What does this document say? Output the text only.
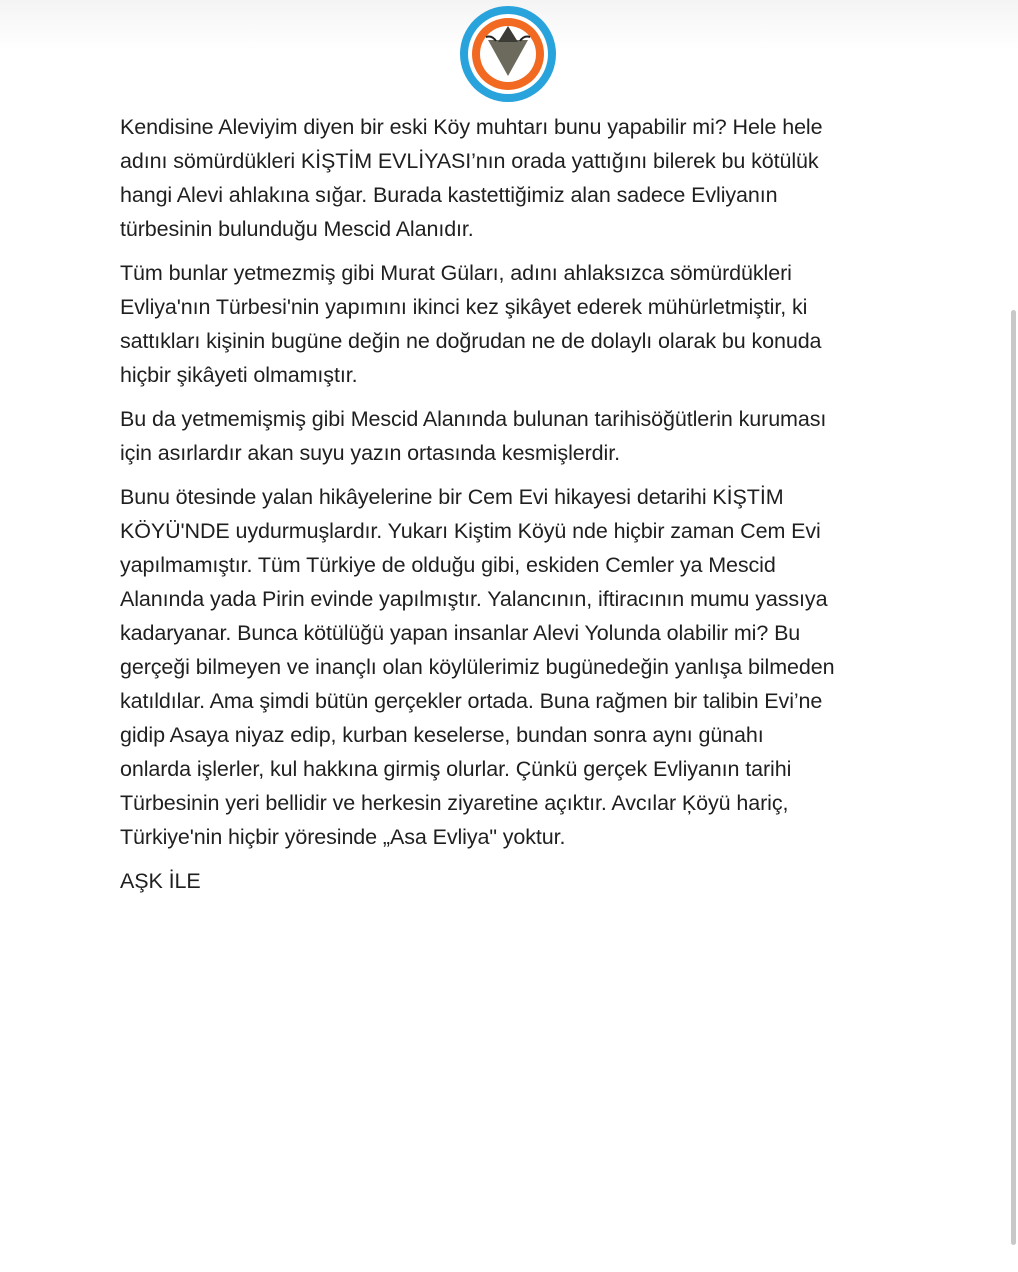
Kendisine Aleviyim diyen bir eski Köy muhtarı bunu yapabilir mi? Hele hele
adını sömürdükleri KİŞTİM EVLİYASI’nın orada yattığını bilerek bu kötülük
hangi Alevi ahlakına sığar. Burada kastettiğimiz alan sadece Evliyanın
türbesinin bulunduğu Mescid Alanıdır.

Tüm bunlar yetmezmiş gibi Murat Güları, adını ahlaksızca sömürdükleri
Evliya'nın Türbesi'nin yapımını ikinci kez şikâyet ederek mühürletmiştir, ki
sattıkları kişinin bugüne değin ne doğrudan ne de dolaylı olarak bu konuda
hiçbir şikâyeti olmamıştır.

Bu da yetmemişmiş gibi Mescid Alanında bulunan tarihisöğütlerin kuruması
için asırlardır akan suyu yazın ortasında kesmişlerdir.

Bunu ötesinde yalan hikâyelerine bir Cem Evi hikayesi detarihi KİŞTİM
KÖYÜ'NDE uydurmuşlardır. Yukarı Kiştim Köyü nde hiçbir zaman Cem Evi
yapılmamıştır. Tüm Türkiye de olduğu gibi, eskiden Cemler ya Mescid
Alanında yada Pirin evinde yapılmıştır. Yalancının, iftiracının mumu yassıya
kadaryanar. Bunca kötülüğü yapan insanlar Alevi Yolunda olabilir mi? Bu
gerçeği bilmeyen ve inançlı olan köylülerimiz bugünedeğin yanlışa bilmeden
katıldılar. Ama şimdi bütün gerçekler ortada. Buna rağmen bir talibin Evi’ne
gidip Asaya niyaz edip, kurban keselerse, bundan sonra aynı günahı
onlarda işlerler, kul hakkına girmiş olurlar. Çünkü gerçek Evliyanın tarihi
Türbesinin yeri bellidir ve herkesin ziyaretine açıktır. Avcılar Ķöyü hariç,
Türkiye'nin hiçbir yöresinde „Asa Evliya" yoktur.

AŞK İLE
